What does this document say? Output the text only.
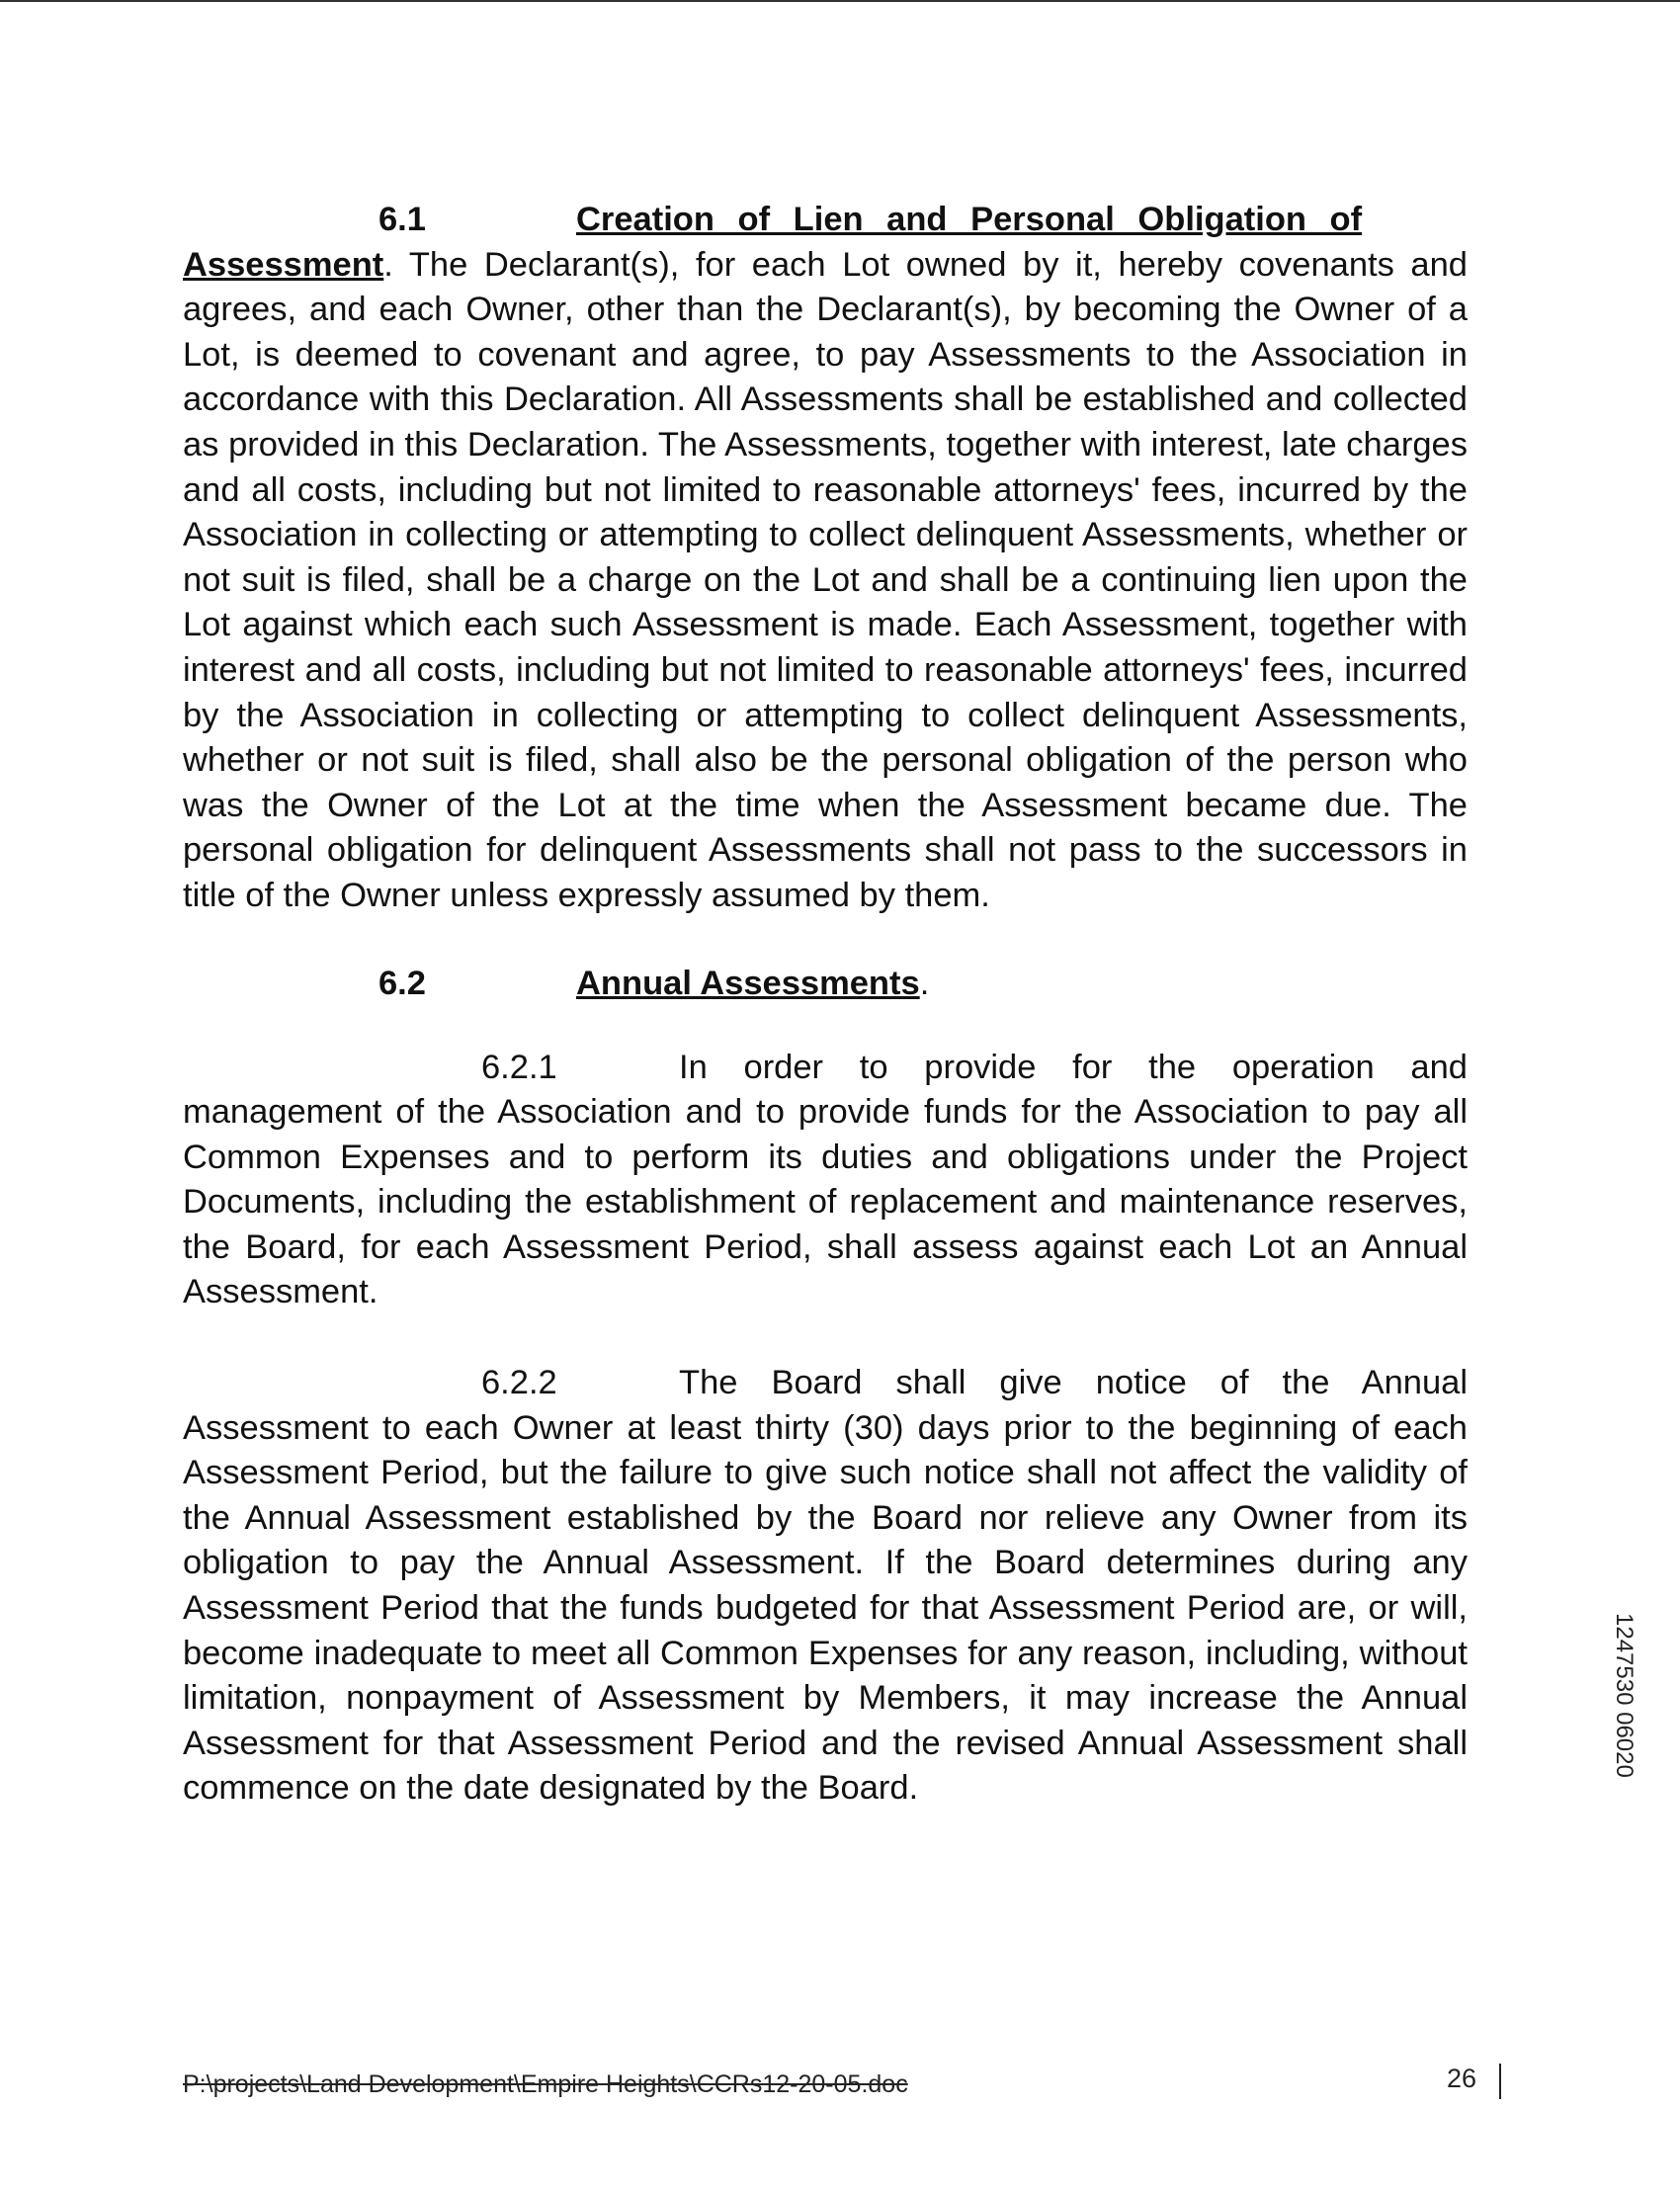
6.1	Creation of Lien and Personal Obligation of
Assessment. The Declarant(s), for each Lot owned by it, hereby covenants and agrees, and each Owner, other than the Declarant(s), by becoming the Owner of a Lot, is deemed to covenant and agree, to pay Assessments to the Association in accordance with this Declaration. All Assessments shall be established and collected as provided in this Declaration. The Assessments, together with interest, late charges and all costs, including but not limited to reasonable attorneys' fees, incurred by the Association in collecting or attempting to collect delinquent Assessments, whether or not suit is filed, shall be a charge on the Lot and shall be a continuing lien upon the Lot against which each such Assessment is made. Each Assessment, together with interest and all costs, including but not limited to reasonable attorneys' fees, incurred by the Association in collecting or attempting to collect delinquent Assessments, whether or not suit is filed, shall also be the personal obligation of the person who was the Owner of the Lot at the time when the Assessment became due. The personal obligation for delinquent Assessments shall not pass to the successors in title of the Owner unless expressly assumed by them.

6.2	Annual Assessments.

6.2.1	In order to provide for the operation and management of the Association and to provide funds for the Association to pay all Common Expenses and to perform its duties and obligations under the Project Documents, including the establishment of replacement and maintenance reserves, the Board, for each Assessment Period, shall assess against each Lot an Annual Assessment.

6.2.2	The Board shall give notice of the Annual Assessment to each Owner at least thirty (30) days prior to the beginning of each Assessment Period, but the failure to give such notice shall not affect the validity of the Annual Assessment established by the Board nor relieve any Owner from its obligation to pay the Annual Assessment. If the Board determines during any Assessment Period that the funds budgeted for that Assessment Period are, or will, become inadequate to meet all Common Expenses for any reason, including, without limitation, nonpayment of Assessment by Members, it may increase the Annual Assessment for that Assessment Period and the revised Annual Assessment shall commence on the date designated by the Board.

1247530 06020
P:\projects\Land Development\Empire Heights\CCRs12-20-05.doc	26
